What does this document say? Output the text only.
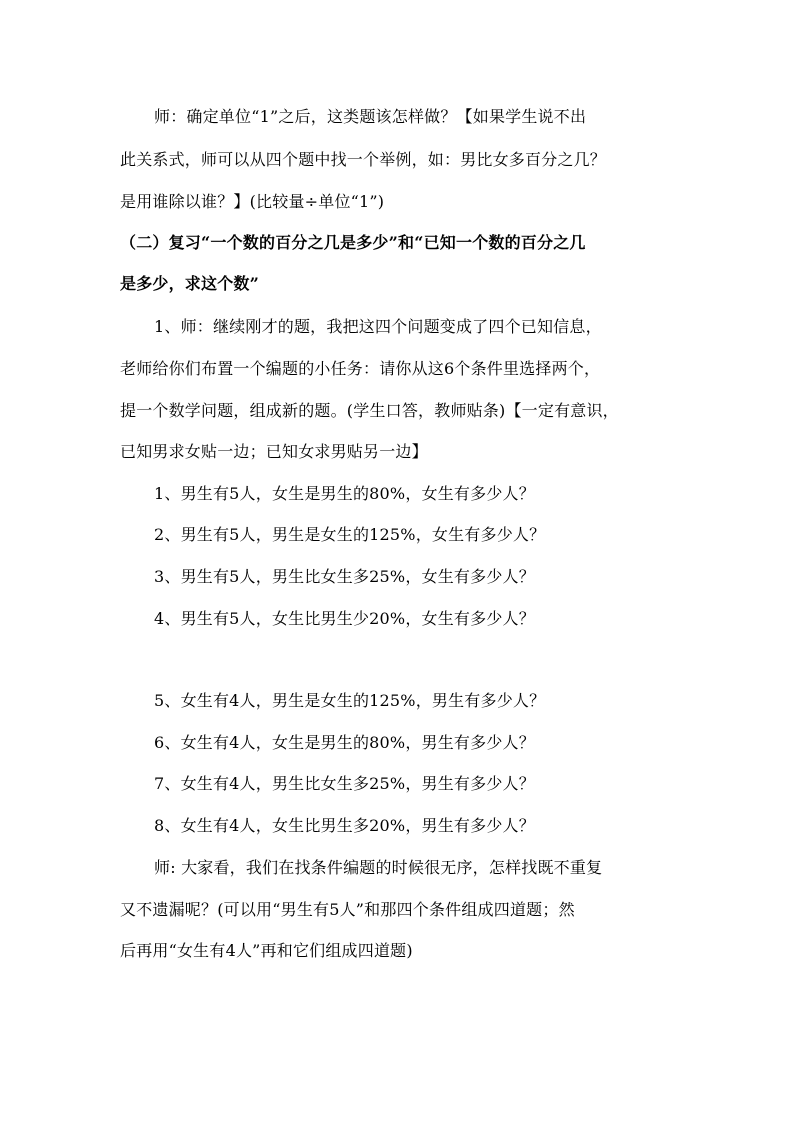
师：确定单位“1”之后，这类题该怎样做？【如果学生说不出
此关系式，师可以从四个题中找一个举例，如：男比女多百分之几？
是用谁除以谁？】(比较量÷单位“1”)
（二）复习“一个数的百分之几是多少”和“已知一个数的百分之几
是多少，求这个数”
1、师：继续刚才的题，我把这四个问题变成了四个已知信息，
老师给你们布置一个编题的小任务：请你从这6个条件里选择两个，
提一个数学问题，组成新的题。(学生口答，教师贴条)【一定有意识，
已知男求女贴一边；已知女求男贴另一边】
1、男生有5人，女生是男生的80%，女生有多少人？
2、男生有5人，男生是女生的125%，女生有多少人？
3、男生有5人，男生比女生多25%，女生有多少人？
4、男生有5人，女生比男生少20%，女生有多少人？
5、女生有4人，男生是女生的125%，男生有多少人？
6、女生有4人，女生是男生的80%，男生有多少人？
7、女生有4人，男生比女生多25%，男生有多少人？
8、女生有4人，女生比男生多20%，男生有多少人？
师: 大家看，我们在找条件编题的时候很无序，怎样找既不重复
又不遗漏呢？(可以用“男生有5人”和那四个条件组成四道题；然
后再用“女生有4人”再和它们组成四道题)
